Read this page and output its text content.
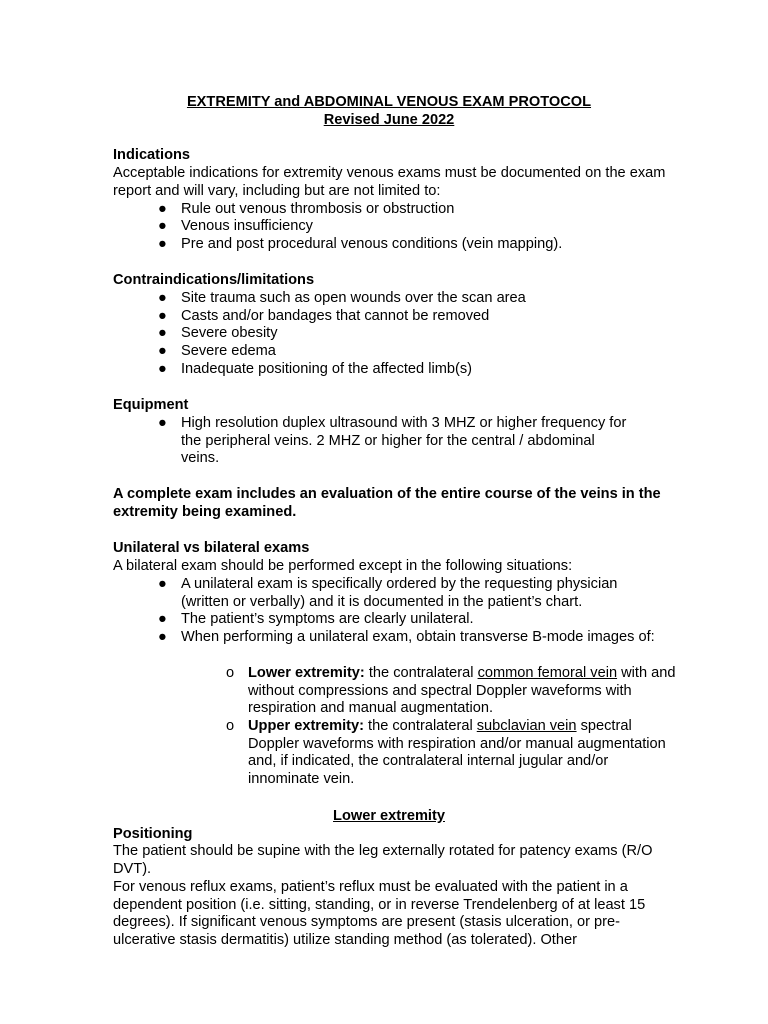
EXTREMITY and ABDOMINAL VENOUS EXAM PROTOCOL
Revised June 2022
Indications
Acceptable indications for extremity venous exams must be documented on the exam report and will vary, including but are not limited to:
● Rule out venous thrombosis or obstruction
● Venous insufficiency
● Pre and post procedural venous conditions (vein mapping).
Contraindications/limitations
● Site trauma such as open wounds over the scan area
● Casts and/or bandages that cannot be removed
● Severe obesity
● Severe edema
● Inadequate positioning of the affected limb(s)
Equipment
● High resolution duplex ultrasound with 3 MHZ or higher frequency for the peripheral veins. 2 MHZ or higher for the central / abdominal veins.
A complete exam includes an evaluation of the entire course of the veins in the extremity being examined.
Unilateral vs bilateral exams
A bilateral exam should be performed except in the following situations:
● A unilateral exam is specifically ordered by the requesting physician (written or verbally) and it is documented in the patient’s chart.
● The patient’s symptoms are clearly unilateral.
● When performing a unilateral exam, obtain transverse B-mode images of:
o Lower extremity: the contralateral common femoral vein with and without compressions and spectral Doppler waveforms with respiration and manual augmentation.
o Upper extremity: the contralateral subclavian vein spectral Doppler waveforms with respiration and/or manual augmentation and, if indicated, the contralateral internal jugular and/or innominate vein.
Lower extremity
Positioning
The patient should be supine with the leg externally rotated for patency exams (R/O DVT).
For venous reflux exams, patient’s reflux must be evaluated with the patient in a dependent position (i.e. sitting, standing, or in reverse Trendelenberg of at least 15 degrees). If significant venous symptoms are present (stasis ulceration, or pre-ulcerative stasis dermatitis) utilize standing method (as tolerated). Other
